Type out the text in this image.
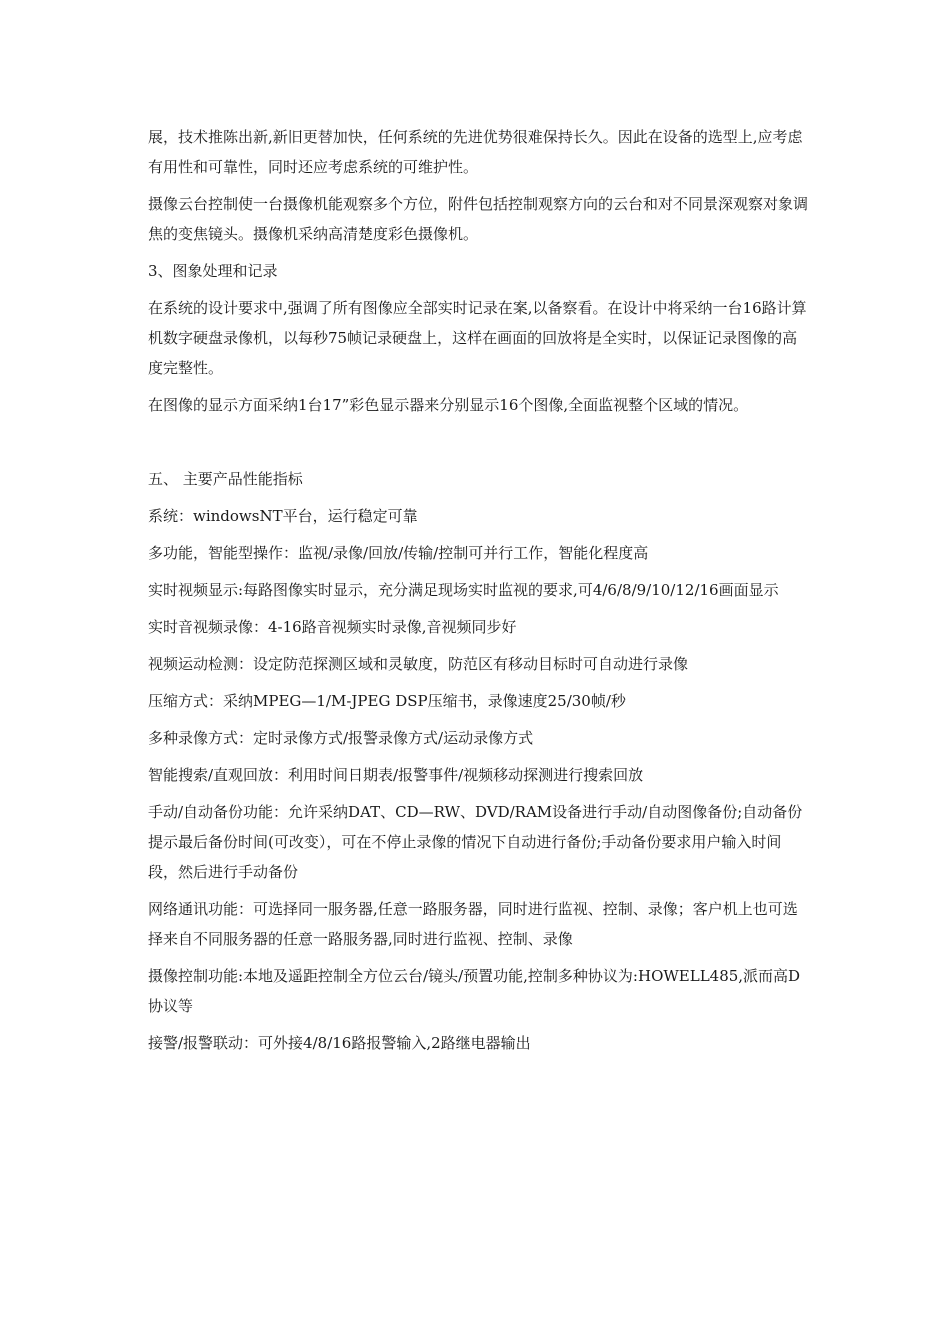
展，技术推陈出新,新旧更替加快，任何系统的先进优势很难保持长久。因此在设备的选型上,应考虑有用性和可靠性，同时还应考虑系统的可维护性。

摄像云台控制使一台摄像机能观察多个方位，附件包括控制观察方向的云台和对不同景深观察对象调焦的变焦镜头。摄像机采纳高清楚度彩色摄像机。

3、图象处理和记录

在系统的设计要求中,强调了所有图像应全部实时记录在案,以备察看。在设计中将采纳一台16路计算机数字硬盘录像机，以每秒75帧记录硬盘上，这样在画面的回放将是全实时，以保证记录图像的高度完整性。

在图像的显示方面采纳1台17”彩色显示器来分别显示16个图像,全面监视整个区域的情况。

五、 主要产品性能指标

系统：windowsNT平台，运行稳定可靠

多功能，智能型操作：监视/录像/回放/传输/控制可并行工作，智能化程度高

实时视频显示:每路图像实时显示，充分满足现场实时监视的要求,可4/6/8/9/10/12/16画面显示

实时音视频录像：4-16路音视频实时录像,音视频同步好

视频运动检测：设定防范探测区域和灵敏度，防范区有移动目标时可自动进行录像

压缩方式：采纳MPEG—1/M-JPEG DSP压缩书，录像速度25/30帧/秒

多种录像方式：定时录像方式/报警录像方式/运动录像方式

智能搜索/直观回放：利用时间日期表/报警事件/视频移动探测进行搜索回放

手动/自动备份功能：允许采纳DAT、CD—RW、DVD/RAM设备进行手动/自动图像备份;自动备份提示最后备份时间(可改变），可在不停止录像的情况下自动进行备份;手动备份要求用户输入时间段，然后进行手动备份

网络通讯功能：可选择同一服务器,任意一路服务器，同时进行监视、控制、录像；客户机上也可选择来自不同服务器的任意一路服务器,同时进行监视、控制、录像

摄像控制功能:本地及遥距控制全方位云台/镜头/预置功能,控制多种协议为:HOWELL485,派而高D协议等

接警/报警联动：可外接4/8/16路报警输入,2路继电器输出
